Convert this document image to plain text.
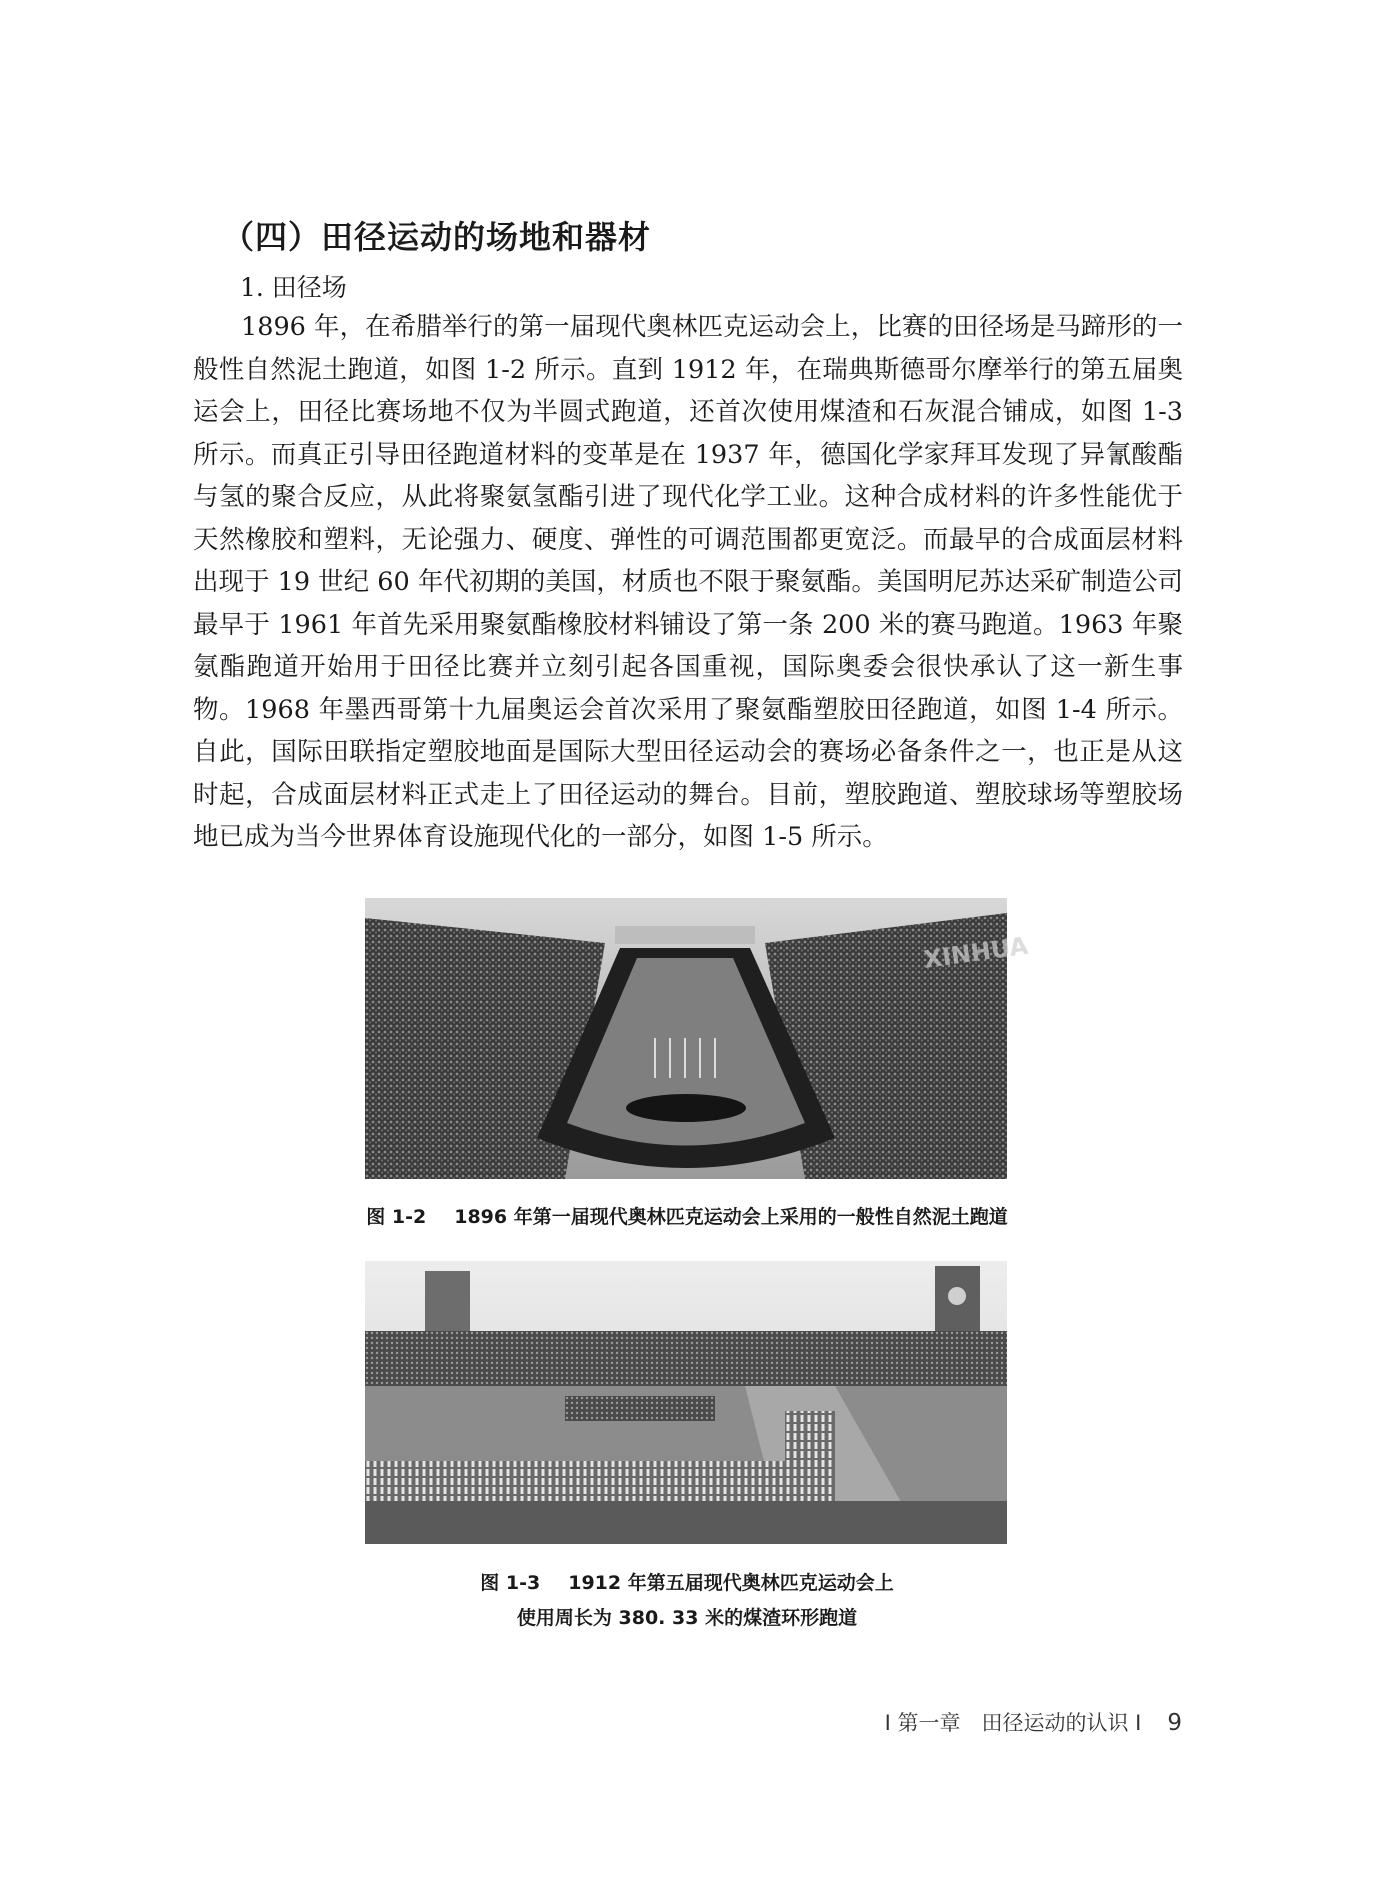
（四）田径运动的场地和器材
1. 田径场

1896 年，在希腊举行的第一届现代奥林匹克运动会上，比赛的田径场是马蹄形的一般性自然泥土跑道，如图 1-2 所示。直到 1912 年，在瑞典斯德哥尔摩举行的第五届奥运会上，田径比赛场地不仅为半圆式跑道，还首次使用煤渣和石灰混合铺成，如图 1-3 所示。而真正引导田径跑道材料的变革是在 1937 年，德国化学家拜耳发现了异氰酸酯与氢的聚合反应，从此将聚氨氢酯引进了现代化学工业。这种合成材料的许多性能优于天然橡胶和塑料，无论强力、硬度、弹性的可调范围都更宽泛。而最早的合成面层材料出现于 19 世纪 60 年代初期的美国，材质也不限于聚氨酯。美国明尼苏达采矿制造公司最早于 1961 年首先采用聚氨酯橡胶材料铺设了第一条 200 米的赛马跑道。1963 年聚氨酯跑道开始用于田径比赛并立刻引起各国重视，国际奥委会很快承认了这一新生事物。1968 年墨西哥第十九届奥运会首次采用了聚氨酯塑胶田径跑道，如图 1-4 所示。自此，国际田联指定塑胶地面是国际大型田径运动会的赛场必备条件之一，也正是从这时起，合成面层材料正式走上了田径运动的舞台。目前，塑胶跑道、塑胶球场等塑胶场地已成为当今世界体育设施现代化的一部分，如图 1-5 所示。

XINHUA
图 1-2 1896 年第一届现代奥林匹克运动会上采用的一般性自然泥土跑道
图 1-3 1912 年第五届现代奥林匹克运动会上
使用周长为 380. 33 米的煤渣环形跑道
I 第一章　田径运动的认识 I 9
